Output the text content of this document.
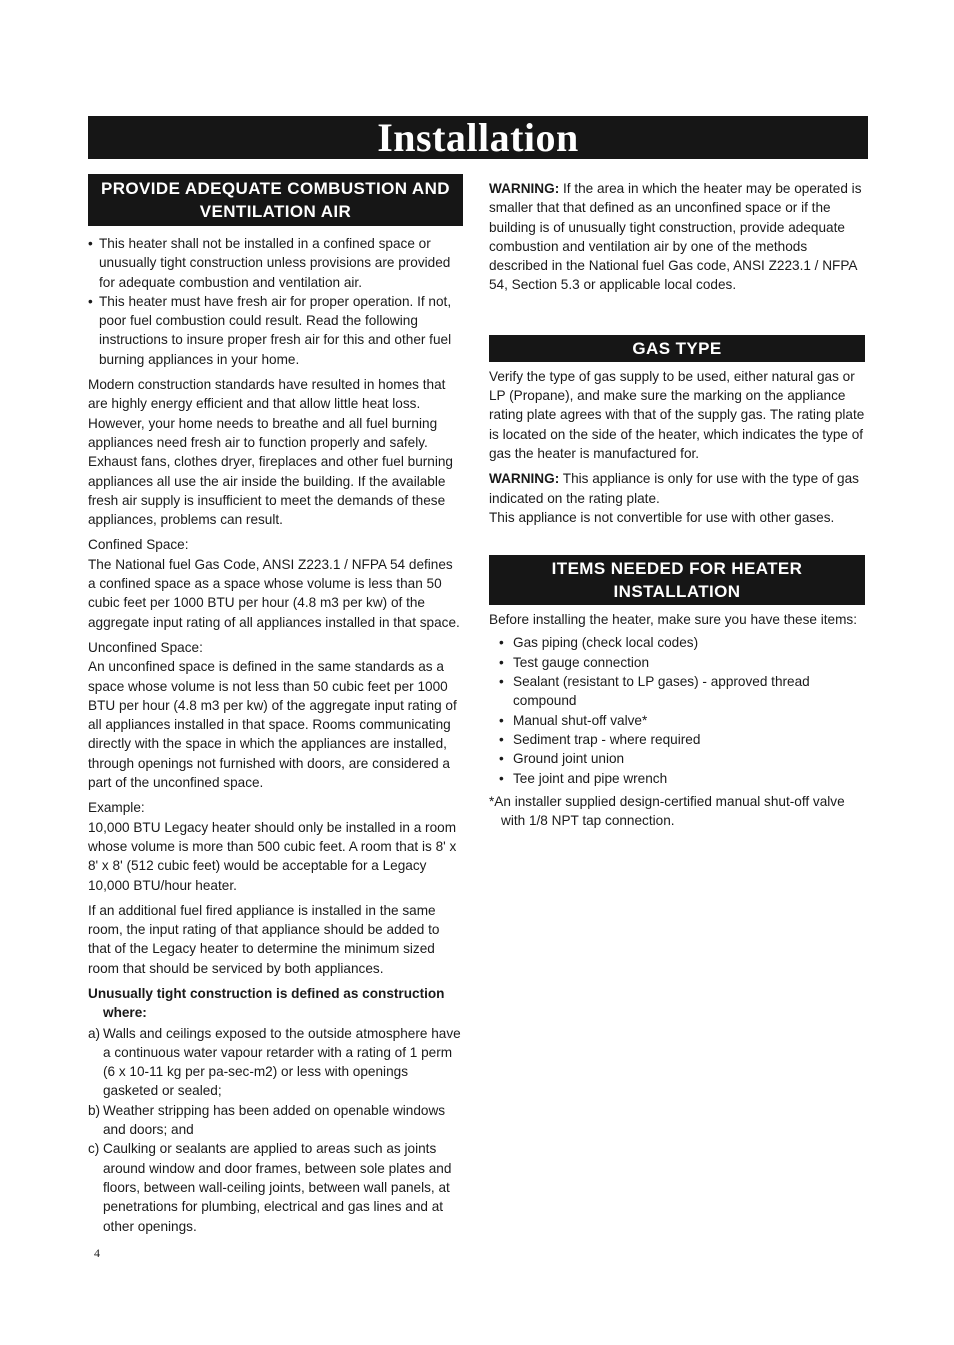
Installation
PROVIDE ADEQUATE COMBUSTION AND VENTILATION AIR
• This heater shall not be installed in a confined space or unusually tight construction unless provisions are provided for adequate combustion and ventilation air.
• This heater must have fresh air for proper operation. If not, poor fuel combustion could result. Read the following instructions to insure proper fresh air for this and other fuel burning appliances in your home.

Modern construction standards have resulted in homes that are highly energy efficient and that allow little heat loss. However, your home needs to breathe and all fuel burning appliances need fresh air to function properly and safely. Exhaust fans, clothes dryer, fireplaces and other fuel burning appliances all use the air inside the building. If the available fresh air supply is insufficient to meet the demands of these appliances, problems can result.

Confined Space:

The National fuel Gas Code, ANSI Z223.1 / NFPA 54 defines a confined space as a space whose volume is less than 50 cubic feet per 1000 BTU per hour (4.8 m3 per kw) of the aggregate input rating of all appliances installed in that space.

Unconfined Space:

An unconfined space is defined in the same standards as a space whose volume is not less than 50 cubic feet per 1000 BTU per hour (4.8 m3 per kw) of the aggregate input rating of all appliances installed in that space. Rooms communicating directly with the space in which the appliances are installed, through openings not furnished with doors, are considered a part of the unconfined space.

Example:

10,000 BTU Legacy heater should only be installed in a room whose volume is more than 500 cubic feet. A room that is 8' x 8' x 8' (512 cubic feet) would be acceptable for a Legacy 10,000 BTU/hour heater.

If an additional fuel fired appliance is installed in the same room, the input rating of that appliance should be added to that of the Legacy heater to determine the minimum sized room that should be serviced by both appliances.

Unusually tight construction is defined as construction where:

a) Walls and ceilings exposed to the outside atmosphere have a continuous water vapour retarder with a rating of 1 perm (6 x 10-11 kg per pa-sec-m2) or less with openings gasketed or sealed;
b) Weather stripping has been added on openable windows and doors; and
c) Caulking or sealants are applied to areas such as joints around window and door frames, between sole plates and floors, between wall-ceiling joints, between wall panels, at penetrations for plumbing, electrical and gas lines and at other openings.

WARNING: If the area in which the heater may be operated is smaller that that defined as an unconfined space or if the building is of unusually tight construction, provide adequate combustion and ventilation air by one of the methods described in the National fuel Gas code, ANSI Z223.1 / NFPA 54, Section 5.3 or applicable local codes.

GAS TYPE

Verify the type of gas supply to be used, either natural gas or LP (Propane), and make sure the marking on the appliance rating plate agrees with that of the supply gas. The rating plate is located on the side of the heater, which indicates the type of gas the heater is manufactured for.

WARNING: This appliance is only for use with the type of gas indicated on the rating plate.

This appliance is not convertible for use with other gases.

ITEMS NEEDED FOR HEATER INSTALLATION

Before installing the heater, make sure you have these items:

• Gas piping (check local codes)
• Test gauge connection
• Sealant (resistant to LP gases) - approved thread compound
• Manual shut-off valve*
• Sediment trap - where required
• Ground joint union
• Tee joint and pipe wrench

*An installer supplied design-certified manual shut-off valve with 1/8 NPT tap connection.

4
